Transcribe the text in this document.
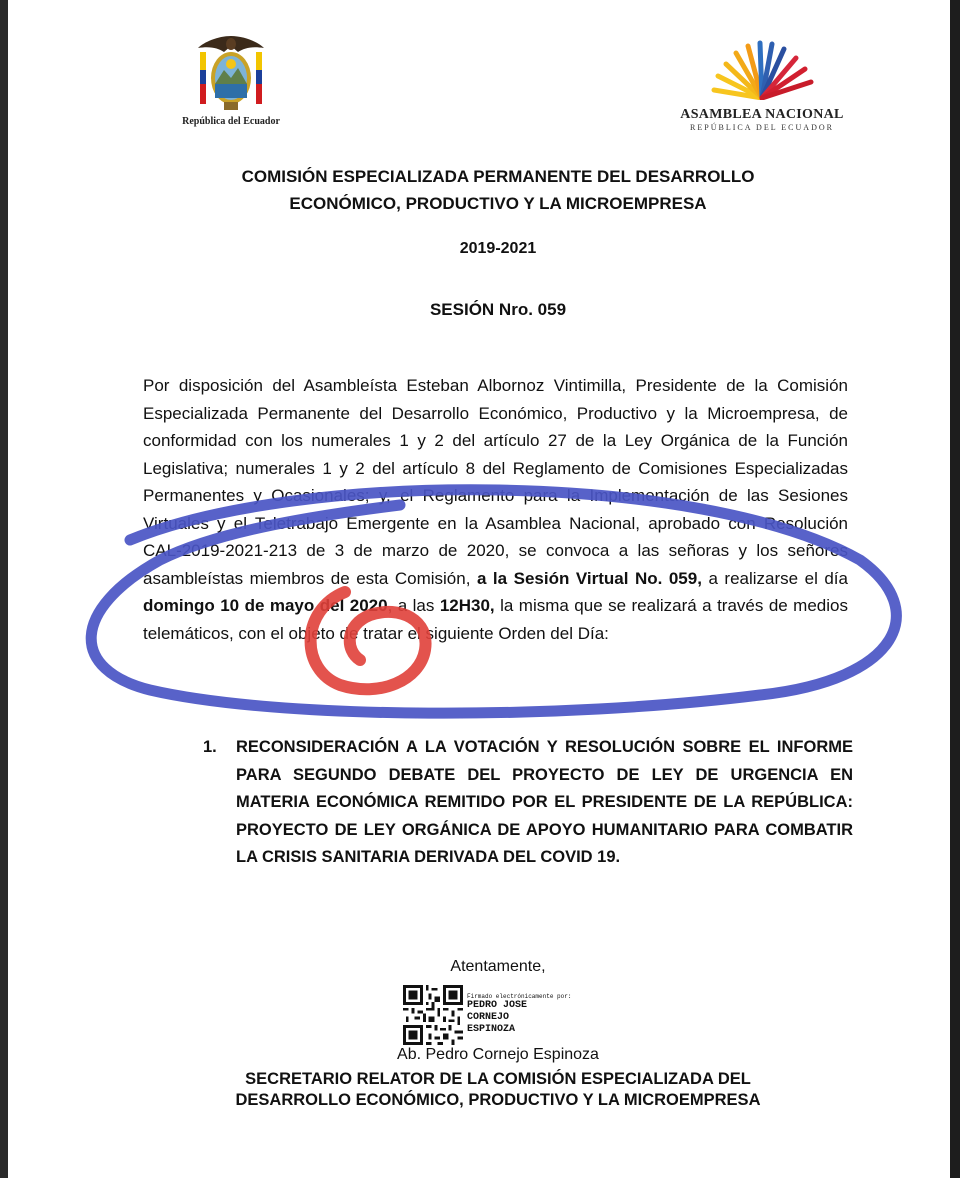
República del Ecuador	ASAMBLEA NACIONAL
REPÚBLICA DEL ECUADOR
COMISIÓN ESPECIALIZADA PERMANENTE DEL DESARROLLO
ECONÓMICO, PRODUCTIVO Y LA MICROEMPRESA
2019-2021
SESIÓN Nro. 059
Por disposición del Asambleísta Esteban Albornoz Vintimilla, Presidente de la Comisión Especializada Permanente del Desarrollo Económico, Productivo y la Microempresa, de conformidad con los numerales 1 y 2 del artículo 27 de la Ley Orgánica de la Función Legislativa; numerales 1 y 2 del artículo 8 del Reglamento de Comisiones Especializadas Permanentes y Ocasionales; y, el Reglamento para la Implementación de las Sesiones Virtuales y el Teletrabajo Emergente en la Asamblea Nacional, aprobado con Resolución CAL-2019-2021-213 de 3 de marzo de 2020, se convoca a las señoras y los señores asambleístas miembros de esta Comisión, a la Sesión Virtual No. 059, a realizarse el día domingo 10 de mayo del 2020, a las 12H30, la misma que se realizará a través de medios telemáticos, con el objeto de tratar el siguiente Orden del Día:
1. RECONSIDERACIÓN A LA VOTACIÓN Y RESOLUCIÓN SOBRE EL INFORME PARA SEGUNDO DEBATE DEL PROYECTO DE LEY DE URGENCIA EN MATERIA ECONÓMICA REMITIDO POR EL PRESIDENTE DE LA REPÚBLICA: PROYECTO DE LEY ORGÁNICA DE APOYO HUMANITARIO PARA COMBATIR LA CRISIS SANITARIA DERIVADA DEL COVID 19.
Atentamente,
Firmado electrónicamente por:
PEDRO JOSE
CORNEJO
ESPINOZA
Ab. Pedro Cornejo Espinoza
SECRETARIO RELATOR DE LA COMISIÓN ESPECIALIZADA DEL
DESARROLLO ECONÓMICO, PRODUCTIVO Y LA MICROEMPRESA
